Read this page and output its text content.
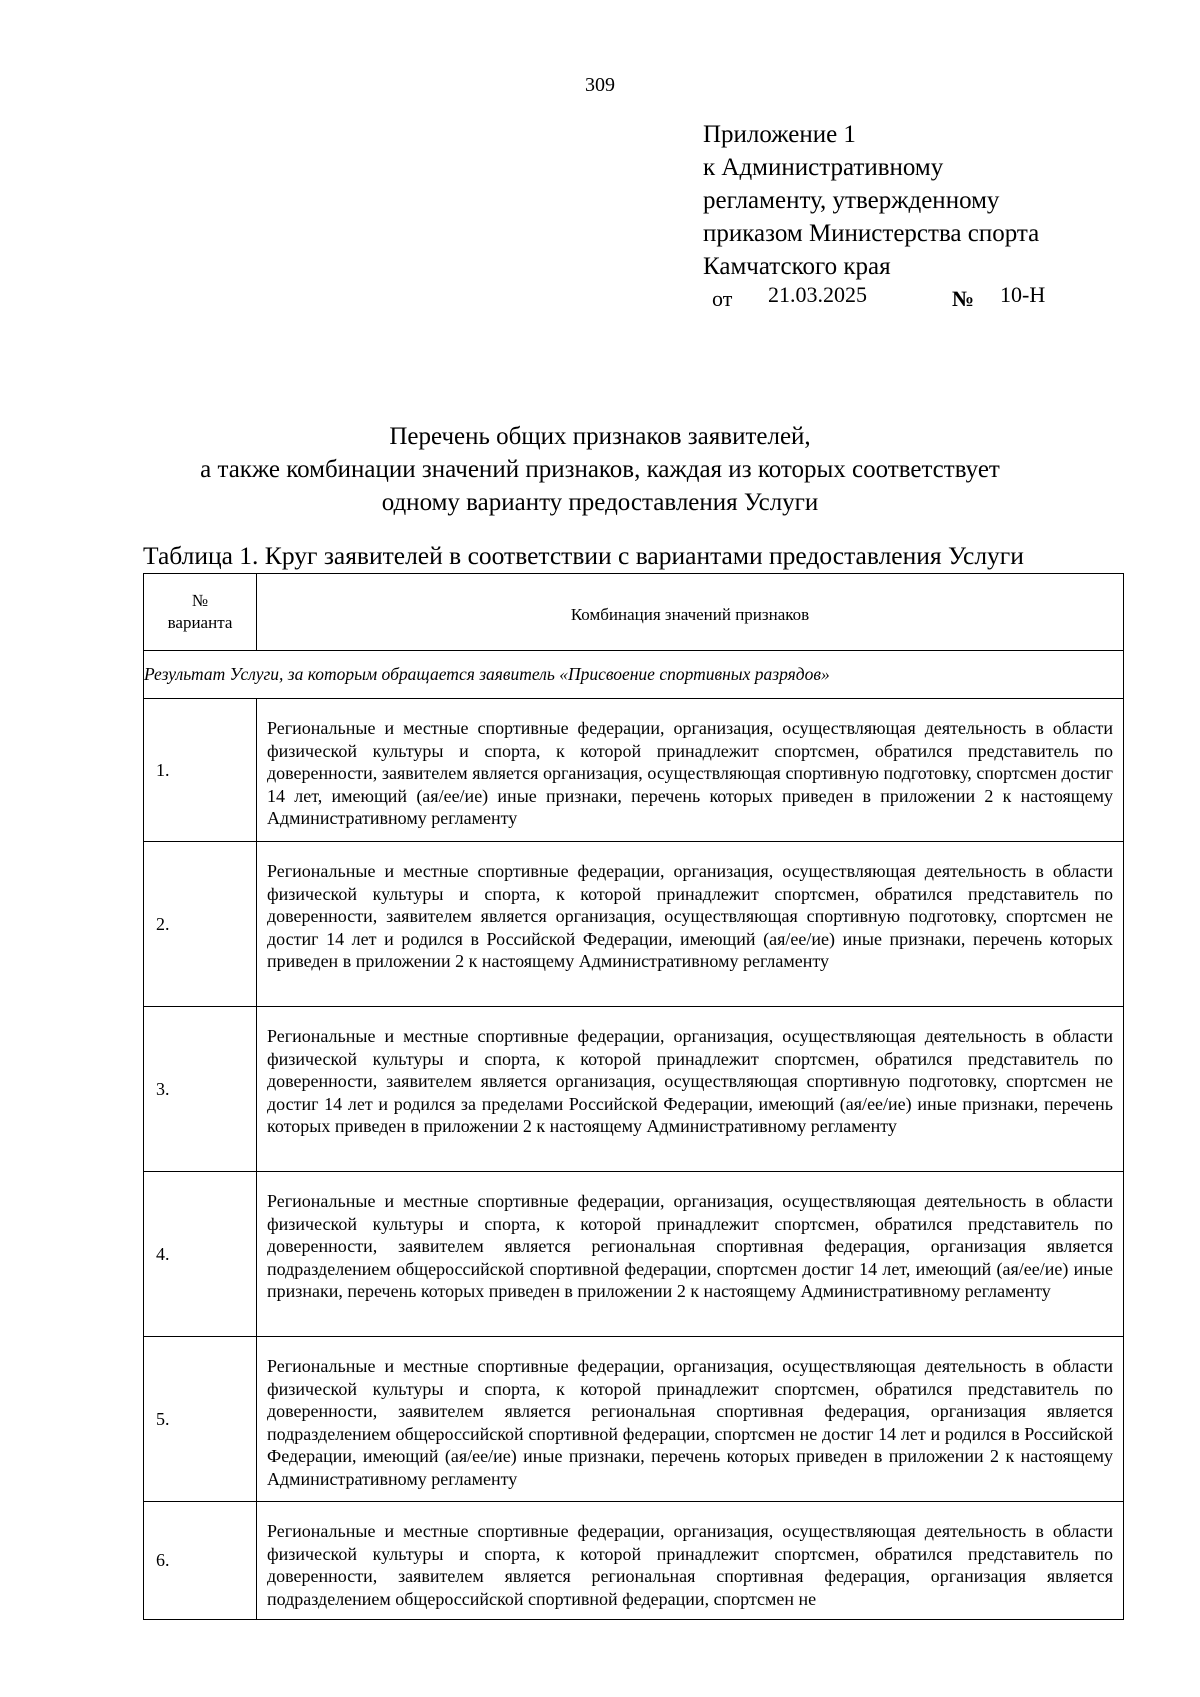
309
Приложение 1
к Административному
регламенту, утвержденному
приказом Министерства спорта
Камчатского края
от 21.03.2025	№ 10-Н
Перечень общих признаков заявителей,
а также комбинации значений признаков, каждая из которых соответствует
одному варианту предоставления Услуги
Таблица 1. Круг заявителей в соответствии с вариантами предоставления Услуги
№
варианта	Комбинация значений признаков
Результат Услуги, за которым обращается заявитель «Присвоение спортивных разрядов»	
1.	Региональные и местные спортивные федерации, организация, осуществляющая деятельность в области физической культуры и спорта, к которой принадлежит спортсмен, обратился представитель по доверенности, заявителем является организация, осуществляющая спортивную подготовку, спортсмен достиг 14 лет, имеющий (ая/ее/ие) иные признаки, перечень которых приведен в приложении 2 к настоящему Административному регламенту
2.	Региональные и местные спортивные федерации, организация, осуществляющая деятельность в области физической культуры и спорта, к которой принадлежит спортсмен, обратился представитель по доверенности, заявителем является организация, осуществляющая спортивную подготовку, спортсмен не достиг 14 лет и родился в Российской Федерации, имеющий (ая/ее/ие) иные признаки, перечень которых приведен в приложении 2 к настоящему Административному регламенту
3.	Региональные и местные спортивные федерации, организация, осуществляющая деятельность в области физической культуры и спорта, к которой принадлежит спортсмен, обратился представитель по доверенности, заявителем является организация, осуществляющая спортивную подготовку, спортсмен не достиг 14 лет и родился за пределами Российской Федерации, имеющий (ая/ее/ие) иные признаки, перечень которых приведен в приложении 2 к настоящему Административному регламенту
4.	Региональные и местные спортивные федерации, организация, осуществляющая деятельность в области физической культуры и спорта, к которой принадлежит спортсмен, обратился представитель по доверенности, заявителем является региональная спортивная федерация, организация является подразделением общероссийской спортивной федерации, спортсмен достиг 14 лет, имеющий (ая/ее/ие) иные признаки, перечень которых приведен в приложении 2 к настоящему Административному регламенту
5.	Региональные и местные спортивные федерации, организация, осуществляющая деятельность в области физической культуры и спорта, к которой принадлежит спортсмен, обратился представитель по доверенности, заявителем является региональная спортивная федерация, организация является подразделением общероссийской спортивной федерации, спортсмен не достиг 14 лет и родился в Российской Федерации, имеющий (ая/ее/ие) иные признаки, перечень которых приведен в приложении 2 к настоящему Административному регламенту
6.	Региональные и местные спортивные федерации, организация, осуществляющая деятельность в области физической культуры и спорта, к которой принадлежит спортсмен, обратился представитель по доверенности, заявителем является региональная спортивная федерация, организация является подразделением общероссийской спортивной федерации, спортсмен не
